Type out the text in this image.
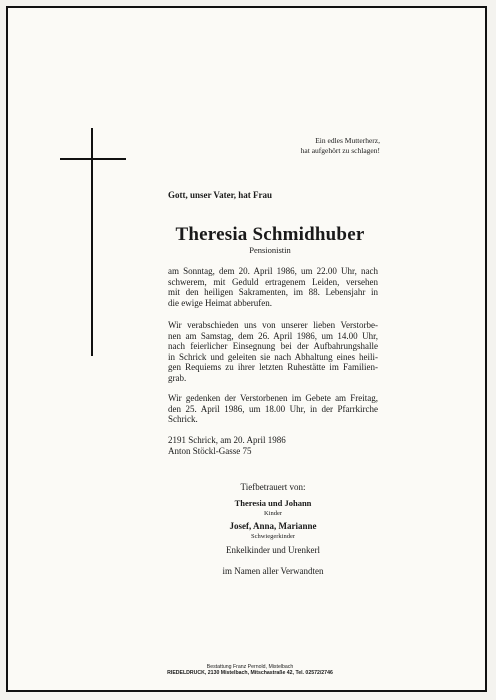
Ein edles Mutterherz,
hat aufgehört zu schlagen!
Gott, unser Vater, hat Frau
Theresia Schmidhuber
Pensionistin
am Sonntag, dem 20. April 1986, um 22.00 Uhr, nach
schwerem, mit Geduld ertragenem Leiden, versehen
mit den heiligen Sakramenten, im 88. Lebensjahr in
die ewige Heimat abberufen.
Wir verabschieden uns von unserer lieben Verstorbe-
nen am Samstag, dem 26. April 1986, um 14.00 Uhr,
nach feierlicher Einsegnung bei der Aufbahrungshalle
in Schrick und geleiten sie nach Abhaltung eines heili-
gen Requiems zu ihrer letzten Ruhestätte im Familien-
grab.
Wir gedenken der Verstorbenen im Gebete am Freitag,
den 25. April 1986, um 18.00 Uhr, in der Pfarrkirche
Schrick.
2191 Schrick, am 20. April 1986
Anton Stöckl-Gasse 75
Tiefbetrauert von:
Theresia und Johann
Kinder
Josef, Anna, Marianne
Schwiegerkinder
Enkelkinder und Urenkerl
im Namen aller Verwandten
Bestattung Franz Pernold, Mistelbach
RIEDELDRUCK, 2130 Mistelbach, Mitschastraße 42, Tel. 02572/2746
